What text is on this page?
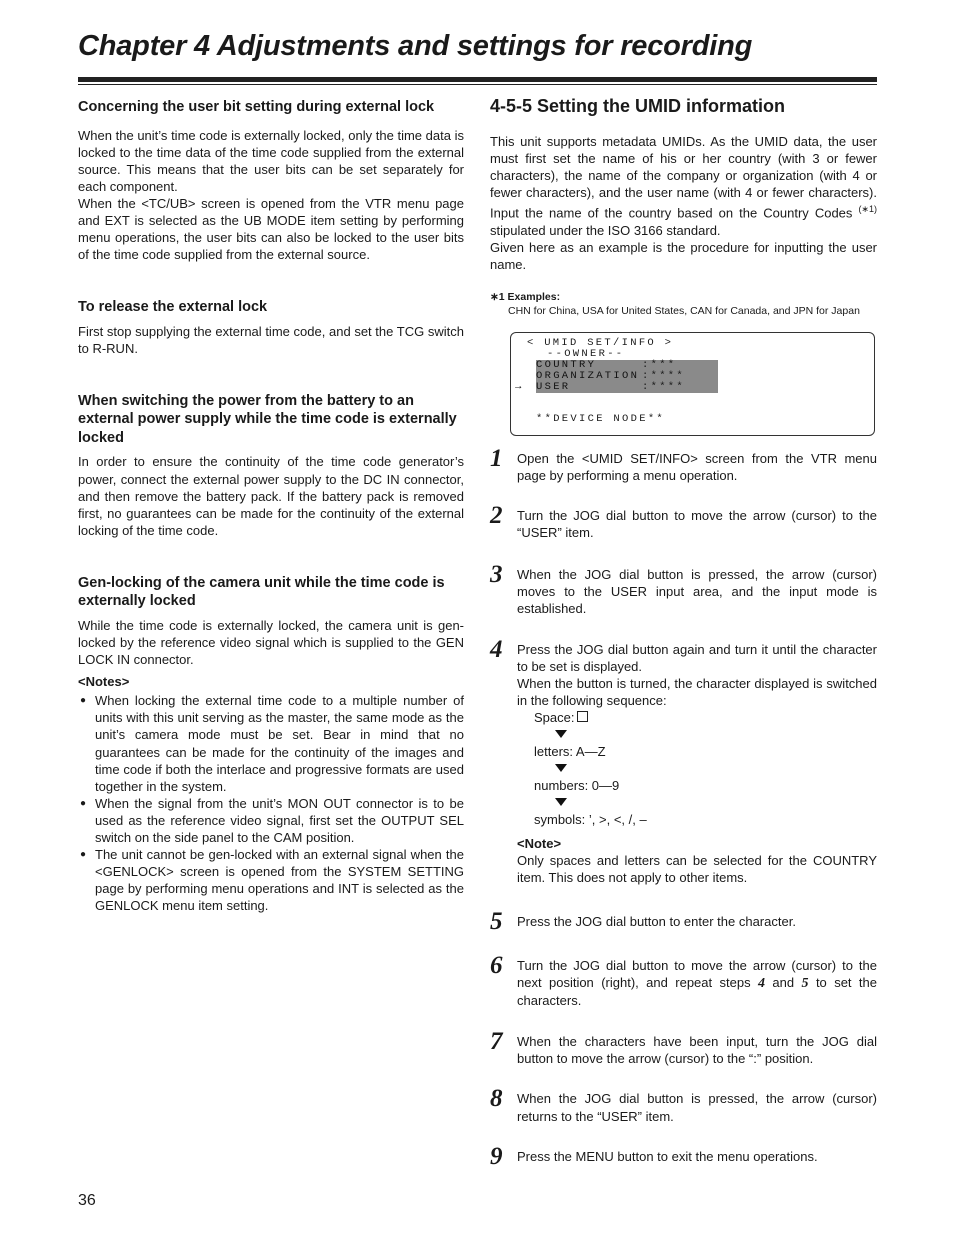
Chapter 4 Adjustments and settings for recording

Concerning the user bit setting during external lock

When the unit’s time code is externally locked, only the time data is locked to the time data of the time code supplied from the external source. This means that the user bits can be set separately for each component.

When the <TC/UB> screen is opened from the VTR menu page and EXT is selected as the UB MODE item setting by performing menu operations, the user bits can also be locked to the user bits of the time code supplied from the external source.

To release the external lock

First stop supplying the external time code, and set the TCG switch to R-RUN.

When switching the power from the battery to an external power supply while the time code is externally locked

In order to ensure the continuity of the time code generator’s power, connect the external power supply to the DC IN connector, and then remove the battery pack. If the battery pack is removed first, no guarantees can be made for the continuity of the external locking of the time code.

Gen-locking of the camera unit while the time code is externally locked

While the time code is externally locked, the camera unit is gen-locked by the reference video signal which is supplied to the GEN LOCK IN connector.

<Notes>

● When locking the external time code to a multiple number of units with this unit serving as the master, the same mode as the unit’s camera mode must be set. Bear in mind that no guarantees can be made for the continuity of the images and time code if both the interlace and progressive formats are used together in the system.
● When the signal from the unit’s MON OUT connector is to be used as the reference video signal, first set the OUTPUT SEL switch on the side panel to the CAM position.
● The unit cannot be gen-locked with an external signal when the <GENLOCK> screen is opened from the SYSTEM SETTING page by performing menu operations and INT is selected as the GENLOCK menu item setting.

4-5-5 Setting the UMID information

This unit supports metadata UMIDs. As the UMID data, the user must first set the name of his or her country (with 3 or fewer characters), the name of the company or organization (with 4 or fewer characters), and the user name (with 4 or fewer characters). Input the name of the country based on the Country Codes $^{(∗1)}$ stipulated under the ISO 3166 standard.

Given here as an example is the procedure for inputting the user name.

∗1 Examples:

CHN for China, USA for United States, CAN for Canada, and JPN for Japan

< UMID SET/INFO >
--OWNER--
COUNTRY	:***
ORGANIZATION :****
→ USER	:****
**DEVICE NODE**
1 Open the <UMID SET/INFO> screen from the VTR menu page by performing a menu operation.

2 Turn the JOG dial button to move the arrow (cursor) to the “USER” item.

3 When the JOG dial button is pressed, the arrow (cursor) moves to the USER input area, and the input mode is established.

4 Press the JOG dial button again and turn it until the character to be set is displayed.

When the button is turned, the character displayed is switched in the following sequence:

Space:
letters: A—Z
numbers: 0—9
symbols: ’, >, <, /, –

<Note>

Only spaces and letters can be selected for the COUNTRY item. This does not apply to other items.

5 Press the JOG dial button to enter the character.

6 Turn the JOG dial button to move the arrow (cursor) to the next position (right), and repeat steps 4 and 5 to set the characters.

7 When the characters have been input, turn the JOG dial button to move the arrow (cursor) to the “:” position.

8 When the JOG dial button is pressed, the arrow (cursor) returns to the “USER” item.

9 Press the MENU button to exit the menu operations.

36
